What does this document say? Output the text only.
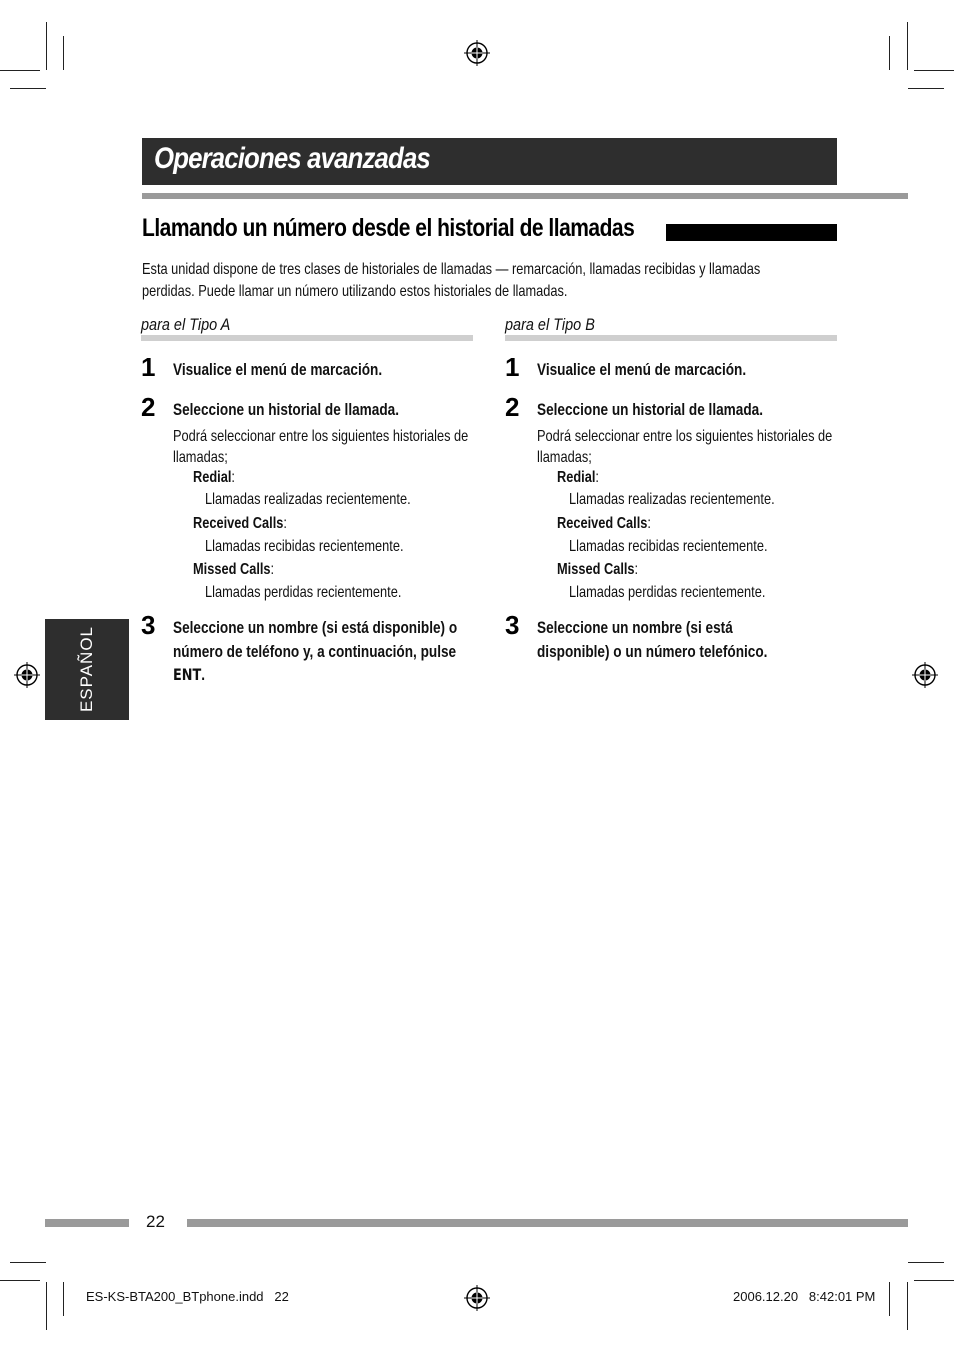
Operaciones avanzadas
Llamando un número desde el historial de llamadas
Esta unidad dispone de tres clases de historiales de llamadas — remarcación, llamadas recibidas y llamadas perdidas. Puede llamar un número utilizando estos historiales de llamadas.
para el Tipo A
1 Visualice el menú de marcación.
2 Seleccione un historial de llamada.
Podrá seleccionar entre los siguientes historiales de llamadas;
Redial:
Llamadas realizadas recientemente.
Received Calls:
Llamadas recibidas recientemente.
Missed Calls:
Llamadas perdidas recientemente.
3 Seleccione un nombre (si está disponible) o número de teléfono y, a continuación, pulse ENT.
para el Tipo B
1 Visualice el menú de marcación.
2 Seleccione un historial de llamada.
Podrá seleccionar entre los siguientes historiales de llamadas;
Redial:
Llamadas realizadas recientemente.
Received Calls:
Llamadas recibidas recientemente.
Missed Calls:
Llamadas perdidas recientemente.
3 Seleccione un nombre (si está disponible) o un número telefónico.
ESPAÑOL
22
ES-KS-BTA200_BTphone.indd   22	2006.12.20   8:42:01 PM
